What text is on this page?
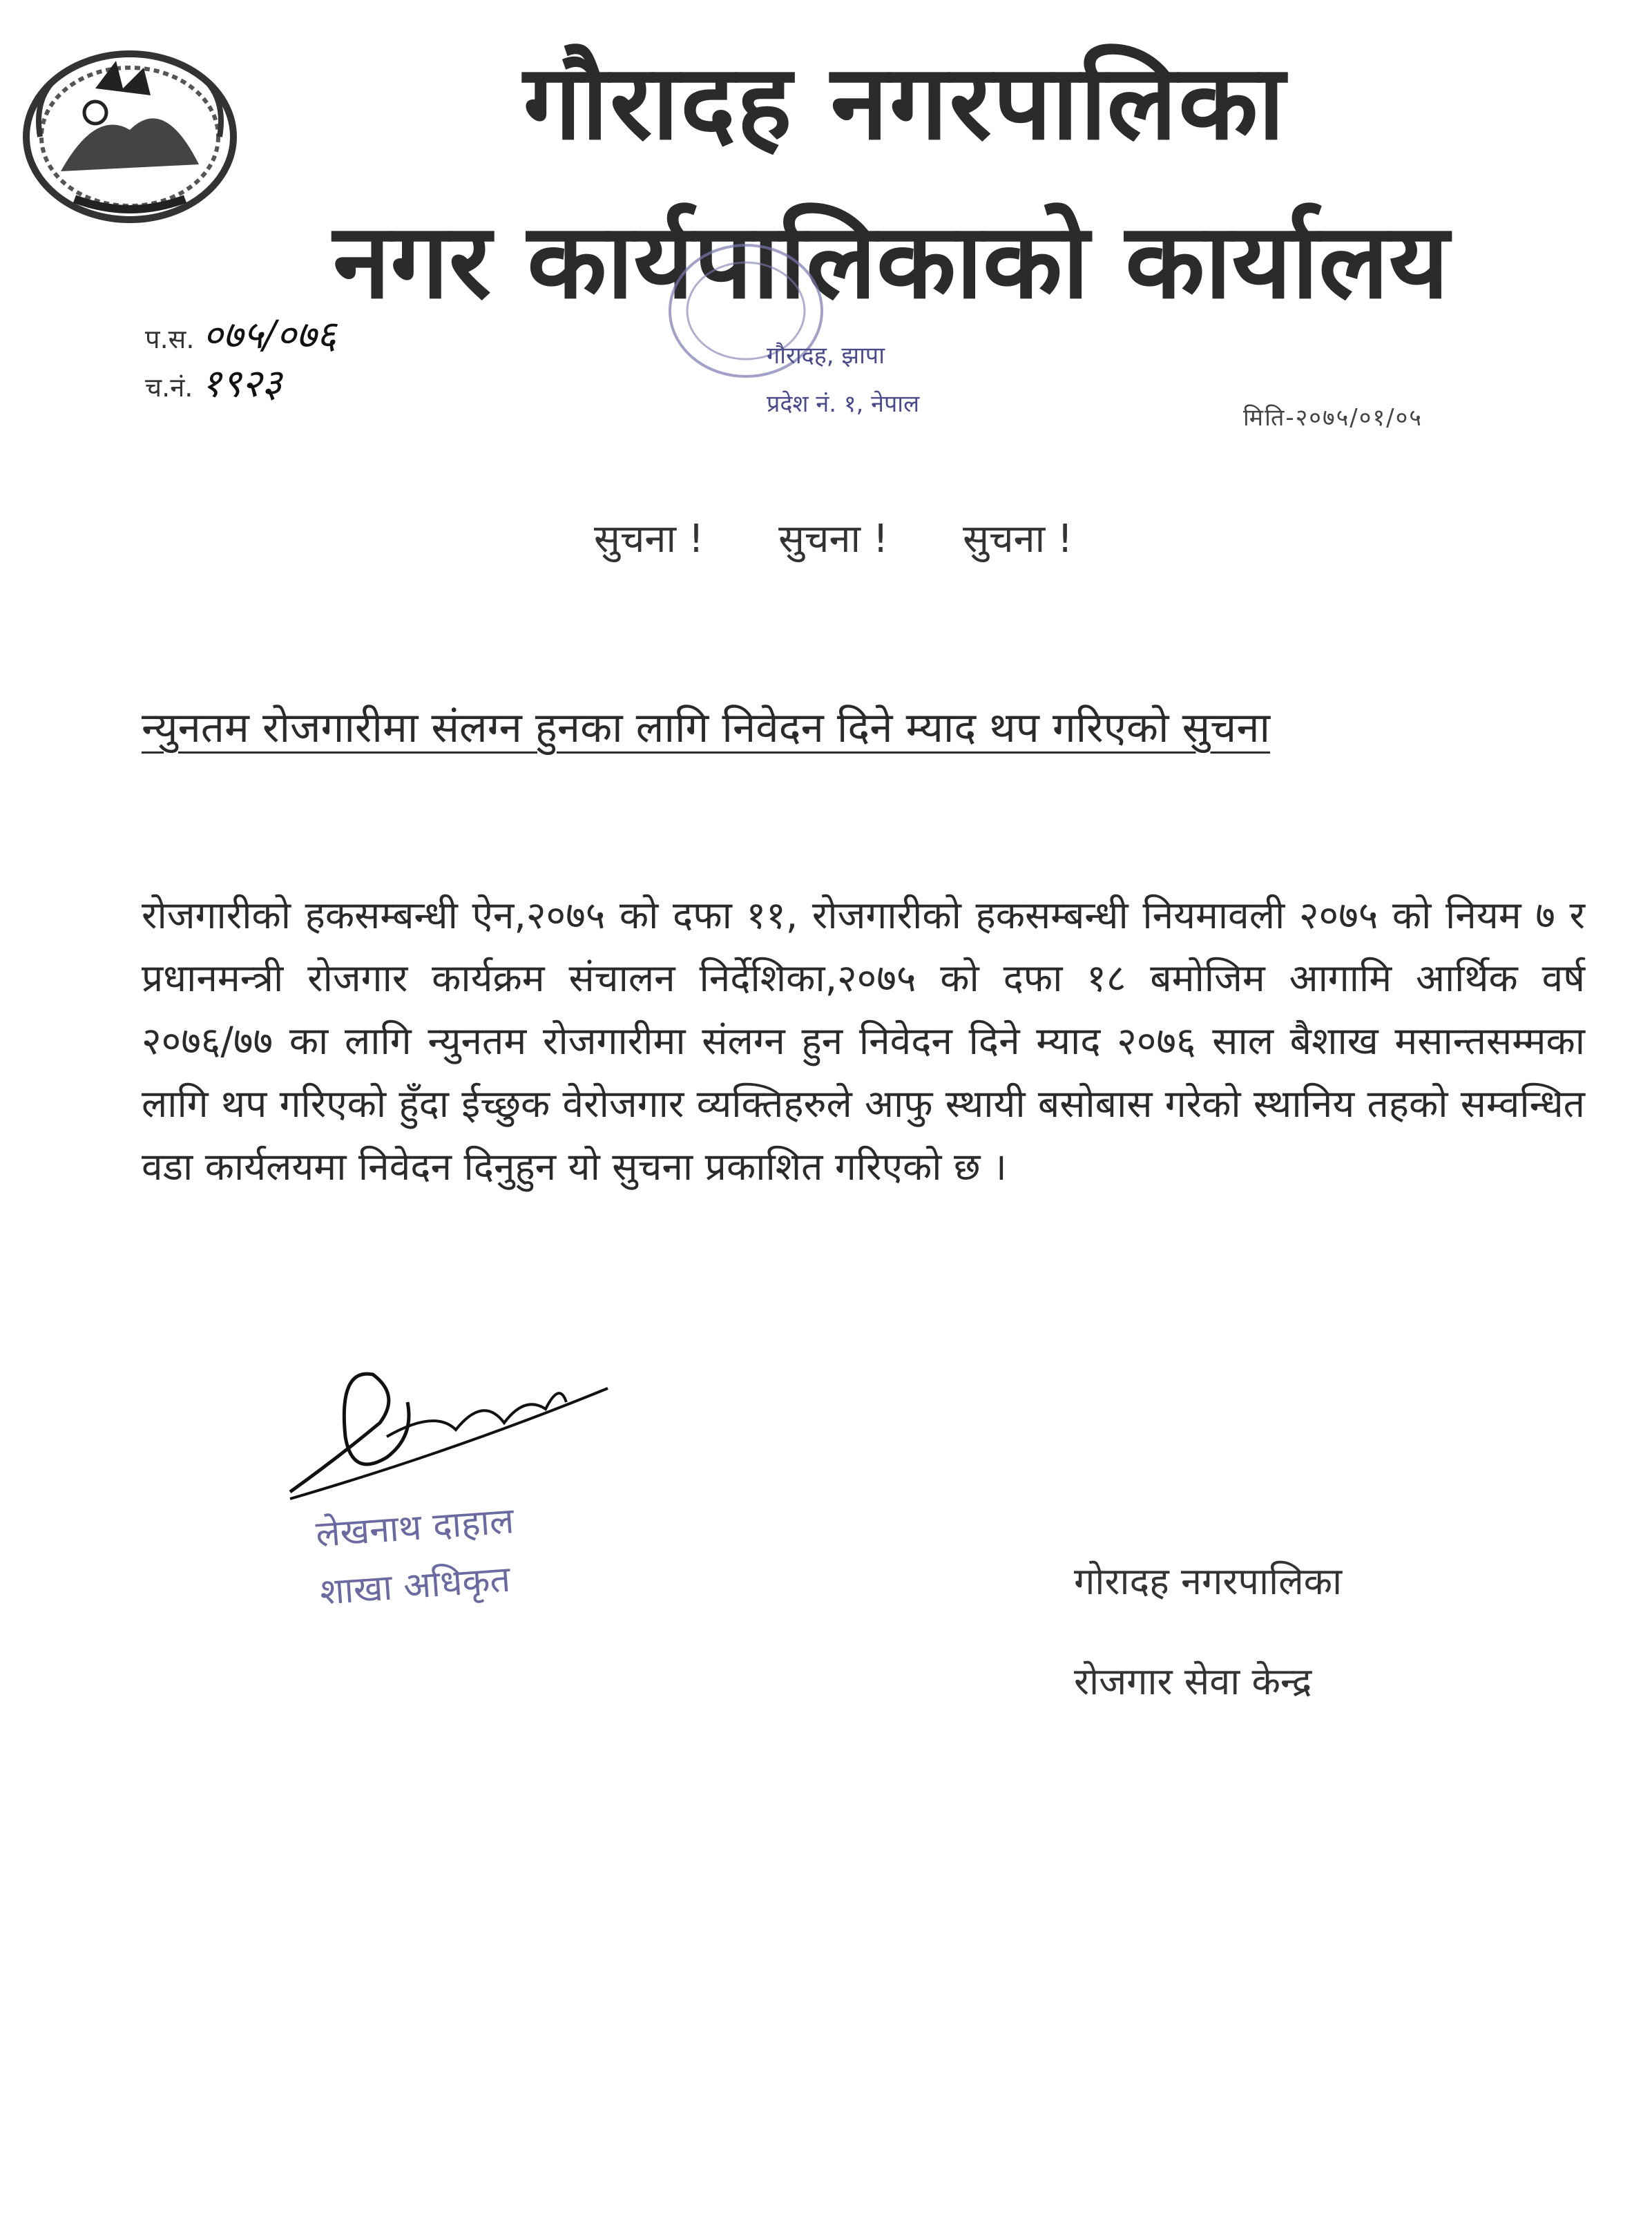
गौरादह नगरपालिका
नगर कार्यपालिकाको कार्यालय
प.स. ०७५/०७६
च.नं. १९२३
गौरादह, झापा
प्रदेश नं. १, नेपाल	मिति-२०७५/०१/०५
सुचना ! सुचना ! सुचना !
न्युनतम रोजगारीमा संलग्न हुनका लागि निवेदन दिने म्याद थप गरिएको सुचना
रोजगारीको हकसम्बन्धी ऐन,२०७५ को दफा ११, रोजगारीको हकसम्बन्धी नियमावली २०७५ को नियम ७ र प्रधानमन्त्री रोजगार कार्यक्रम संचालन निर्देशिका,२०७५ को दफा १८ बमोजिम आगामि आर्थिक वर्ष २०७६/७७ का लागि न्युनतम रोजगारीमा संलग्न हुन निवेदन दिने म्याद २०७६ साल बैशाख मसान्तसम्मका लागि थप गरिएको हुँदा ईच्छुक वेरोजगार व्यक्तिहरुले आफु स्थायी बसोबास गरेको स्थानिय तहको सम्वन्धित वडा कार्यलयमा निवेदन दिनुहुन यो सुचना प्रकाशित गरिएको छ ।
लेखनाथ दाहाल
शाखा अधिकृत	गोरादह नगरपालिका
रोजगार सेवा केन्द्र
